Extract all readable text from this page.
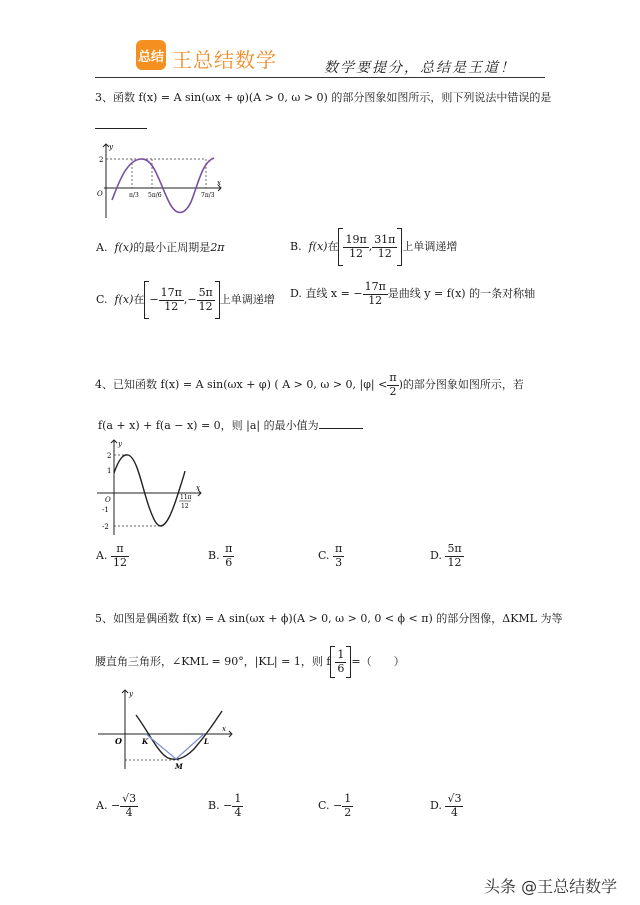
总结 王总结数学	数学要提分，总结是王道！
3、函数 f(x) = A sin(ωx + φ)(A > 0, ω > 0) 的部分图象如图所示，则下列说法中错误的是
y
x
O
2
π/3 5π/6	7π/3
A. f(x)的最小正周期是2π	B. f(x)在 $\frac{19\pi}{12}$ , $\frac{31\pi}{12}$ 上单调递增
C. f(x)在 − $\frac{17\pi}{12}$ ,− $\frac{5\pi}{12}$ 上单调递增 D. 直线 x = − $\frac{17\pi}{12}$ 是曲线 y = f(x) 的一条对称轴
4、已知函数 f(x) = A sin(ωx + φ) ( A > 0, ω > 0, $|\varphi| < \frac{\pi}{2}$ )的部分图象如图所示，若
f(a + x) + f(a − x) = 0，则 |a| 的最小值为
y
x
O
2
1
-1
-2
11π
12
A. $\frac{\pi}{12}$	B. $\frac{\pi}{6}$	C. $\frac{\pi}{3}$	D. $\frac{5\pi}{12}$
5、如图是偶函数 f(x) = A sin(ωx + ϕ)(A > 0, ω > 0, 0 < ϕ < π) 的部分图像，ΔKML 为等
腰直角三角形，∠KML = 90°，|KL| = 1，则 f $\frac{1}{6}$ =（　　）
y
x
O	K	L
M
A. − $\frac{√3}{4}$	B. − $\frac{1}{4}$	C. − $\frac{1}{2}$	D. $\frac{√3}{4}$
头条 @王总结数学
